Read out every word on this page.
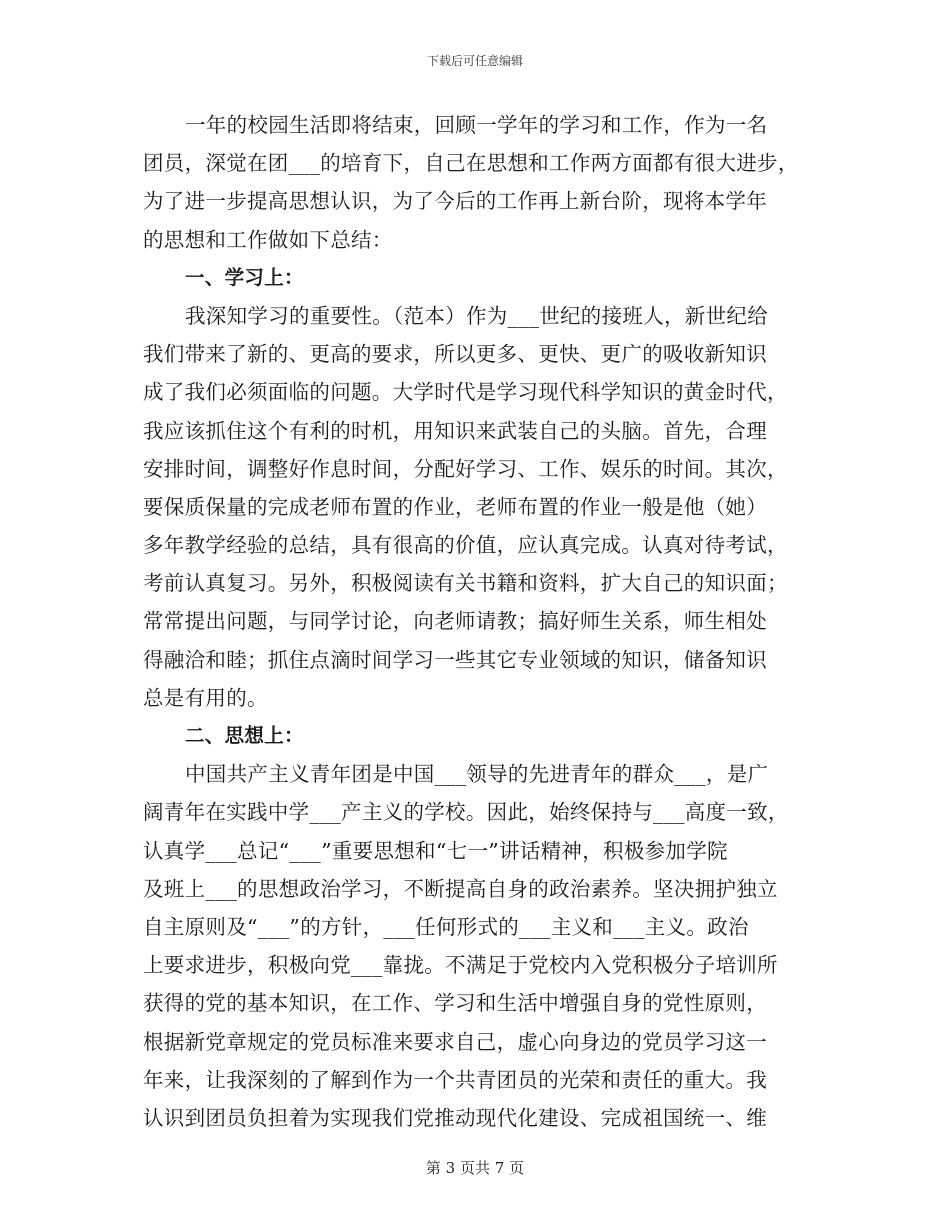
下载后可任意编辑
一年的校园生活即将结束，回顾一学年的学习和工作，作为一名
团员，深觉在团___的培育下，自己在思想和工作两方面都有很大进步，
为了进一步提高思想认识，为了今后的工作再上新台阶，现将本学年
的思想和工作做如下总结：
一、学习上：
我深知学习的重要性。（范本）作为___世纪的接班人，新世纪给
我们带来了新的、更高的要求，所以更多、更快、更广的吸收新知识
成了我们必须面临的问题。大学时代是学习现代科学知识的黄金时代，
我应该抓住这个有利的时机，用知识来武装自己的头脑。首先，合理
安排时间，调整好作息时间，分配好学习、工作、娱乐的时间。其次，
要保质保量的完成老师布置的作业，老师布置的作业一般是他（她）
多年教学经验的总结，具有很高的价值，应认真完成。认真对待考试，
考前认真复习。另外，积极阅读有关书籍和资料，扩大自己的知识面；
常常提出问题，与同学讨论，向老师请教；搞好师生关系，师生相处
得融洽和睦；抓住点滴时间学习一些其它专业领域的知识，储备知识
总是有用的。
二、思想上：
中国共产主义青年团是中国___领导的先进青年的群众___，是广
阔青年在实践中学___产主义的学校。因此，始终保持与___高度一致，
认真学___总记“___”重要思想和“七一”讲话精神，积极参加学院
及班上___的思想政治学习，不断提高自身的政治素养。坚决拥护独立
自主原则及“___”的方针，___任何形式的___主义和___主义。政治
上要求进步，积极向党___靠拢。不满足于党校内入党积极分子培训所
获得的党的基本知识，在工作、学习和生活中增强自身的党性原则，
根据新党章规定的党员标准来要求自己，虚心向身边的党员学习这一
年来，让我深刻的了解到作为一个共青团员的光荣和责任的重大。我
认识到团员负担着为实现我们党推动现代化建设、完成祖国统一、维
第 3 页共 7 页
